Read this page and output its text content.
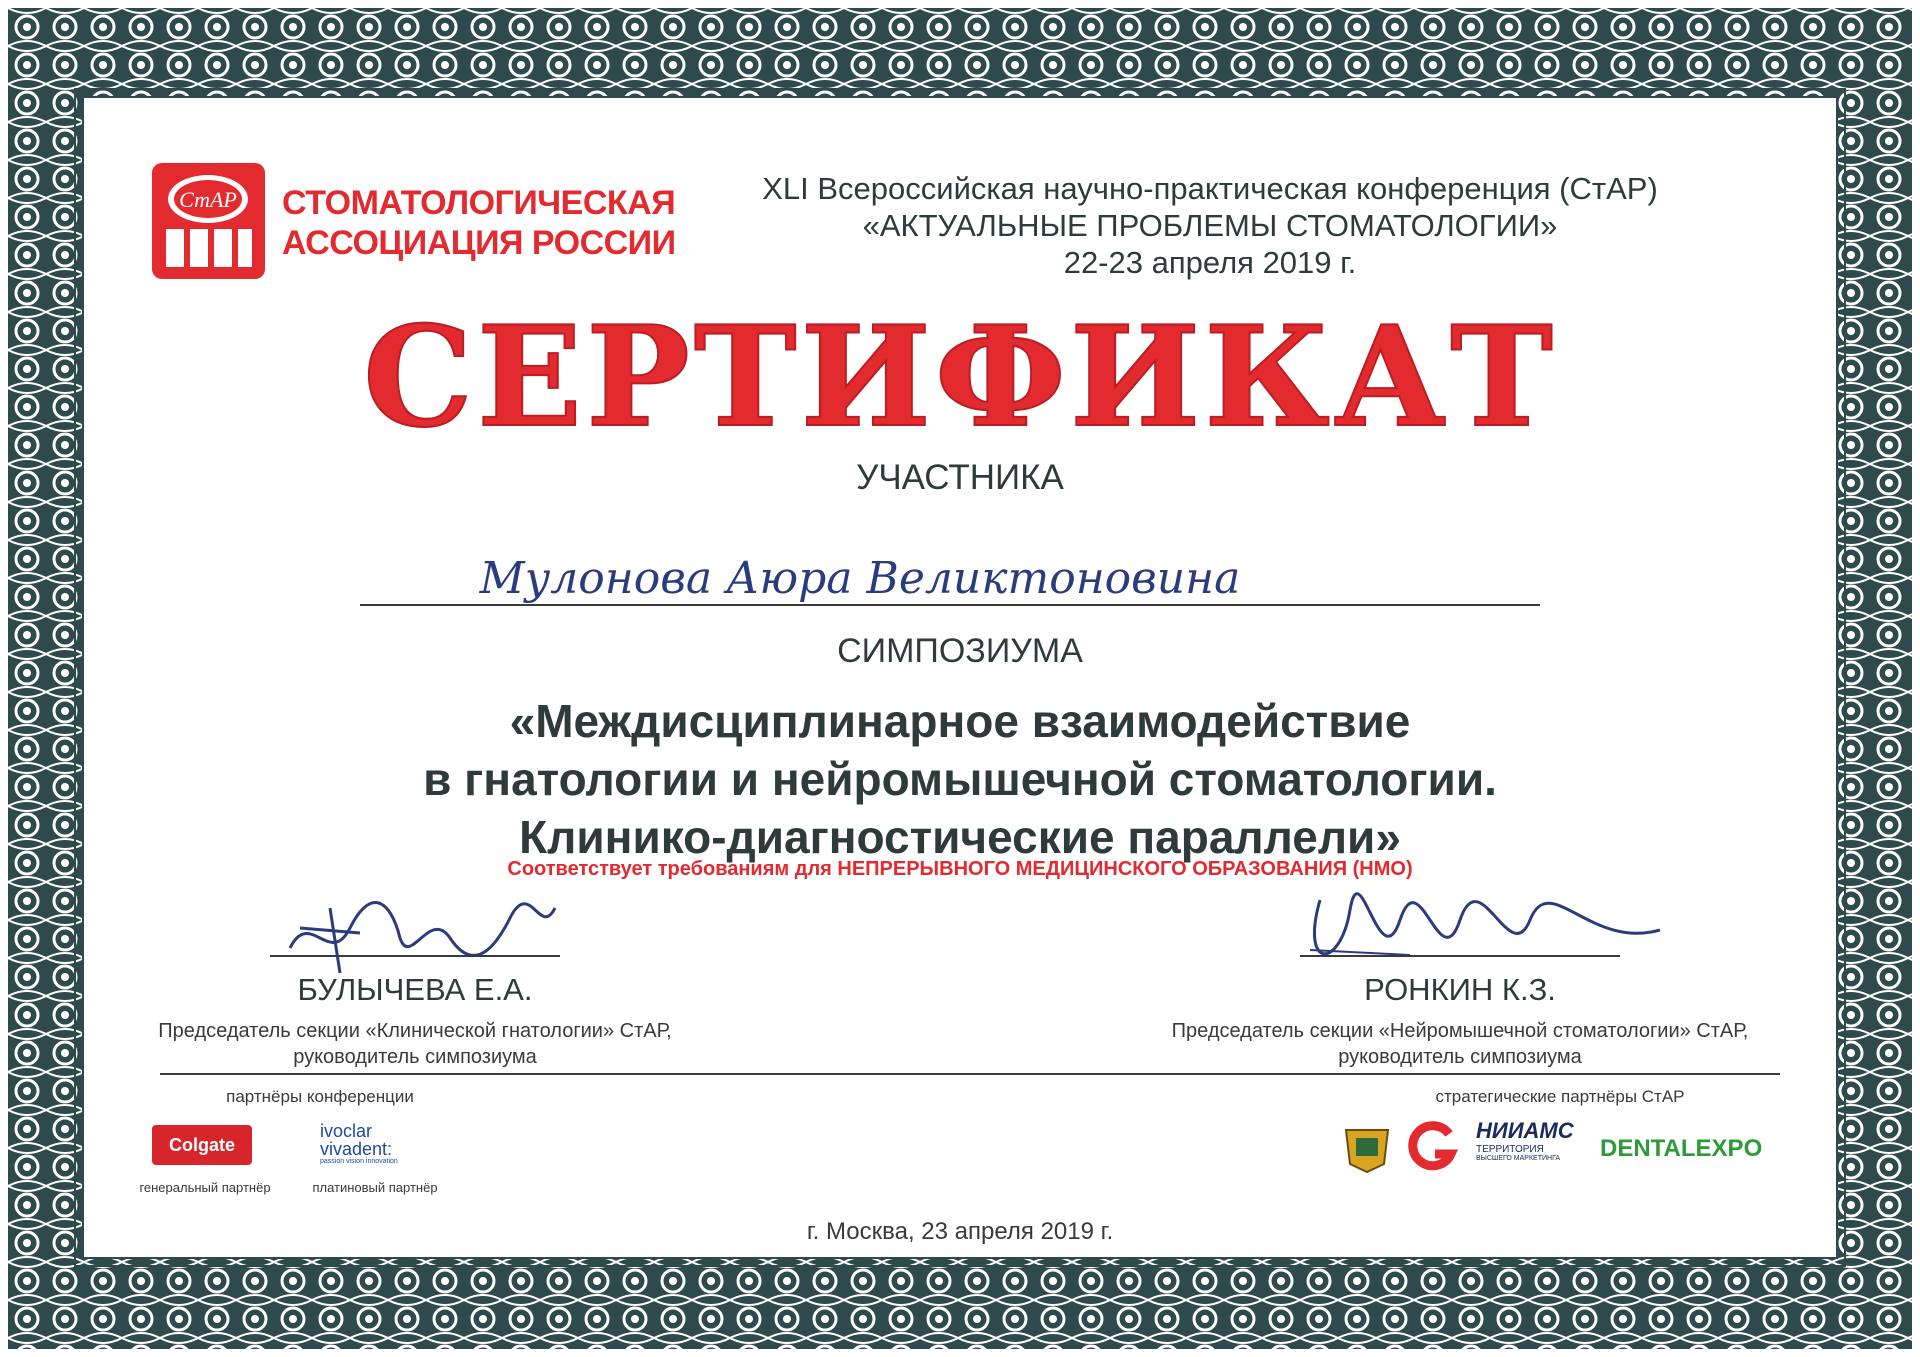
СтАР СТОМАТОЛОГИЧЕСКАЯ
АССОЦИАЦИЯ РОССИИ
XLI Всероссийская научно-практическая конференция (СтАР)
«АКТУАЛЬНЫЕ ПРОБЛЕМЫ СТОМАТОЛОГИИ»
22-23 апреля 2019 г.
СЕРТИФИКАТ
УЧАСТНИКА
Мулонова Аюра Великтоновина
СИМПОЗИУМА
«Междисциплинарное взаимодействие
в гнатологии и нейромышечной стоматологии.
Клинико-диагностические параллели»
Соответствует требованиям для НЕПРЕРЫВНОГО МЕДИЦИНСКОГО ОБРАЗОВАНИЯ (НМО)
БУЛЫЧЕВА Е.А.
Председатель секции «Клинической гнатологии» СтАР,
руководитель симпозиума
РОНКИН К.З.
Председатель секции «Нейромышечной стоматологии» СтАР,
руководитель симпозиума
партнёры конференции	стратегические партнёры СтАР
Colgate
генеральный партнёр
ivoclar
vivadent:
passion vision innovation
платиновый партнёр
НИИАМС
ТЕРРИТОРИЯ
ВЫСШЕГО МАРКЕТИНГА	DENTALEXPO
г. Москва, 23 апреля 2019 г.
